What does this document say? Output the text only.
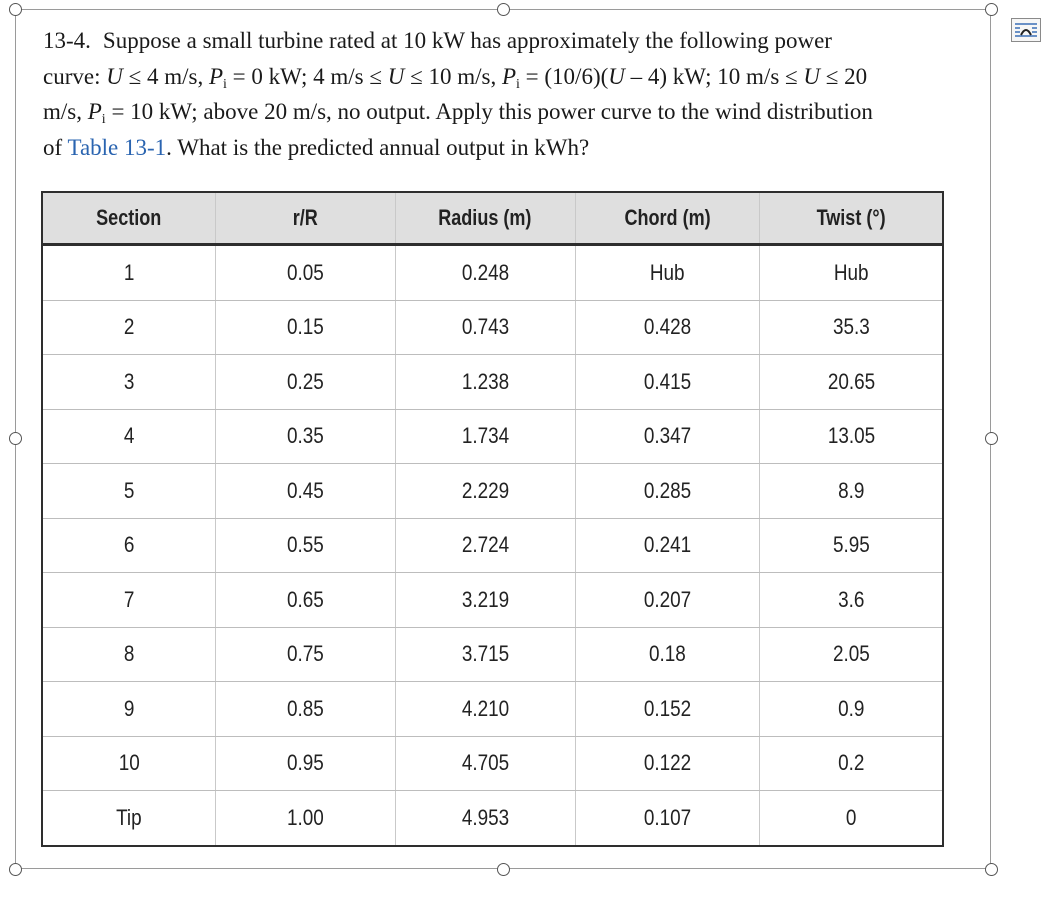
13-4. Suppose a small turbine rated at 10 kW has approximately the following power
curve: U ≤ 4 m/s, $P_i = 0$ kW; 4 m/s ≤ U ≤ 10 m/s, $P_i = (10/6)(U - 4)$ kW; 10 m/s ≤ U ≤ 20
m/s, $P_i = 10$ kW; above 20 m/s, no output. Apply this power curve to the wind distribution
of Table 13-1. What is the predicted annual output in kWh?
Section	r/R	Radius (m)	Chord (m)	Twist (°)
1	0.05	0.248	Hub	Hub
2	0.15	0.743	0.428	35.3
3	0.25	1.238	0.415	20.65
4	0.35	1.734	0.347	13.05
5	0.45	2.229	0.285	8.9
6	0.55	2.724	0.241	5.95
7	0.65	3.219	0.207	3.6
8	0.75	3.715	0.18	2.05
9	0.85	4.210	0.152	0.9
10	0.95	4.705	0.122	0.2
Tip	1.00	4.953	0.107	0
